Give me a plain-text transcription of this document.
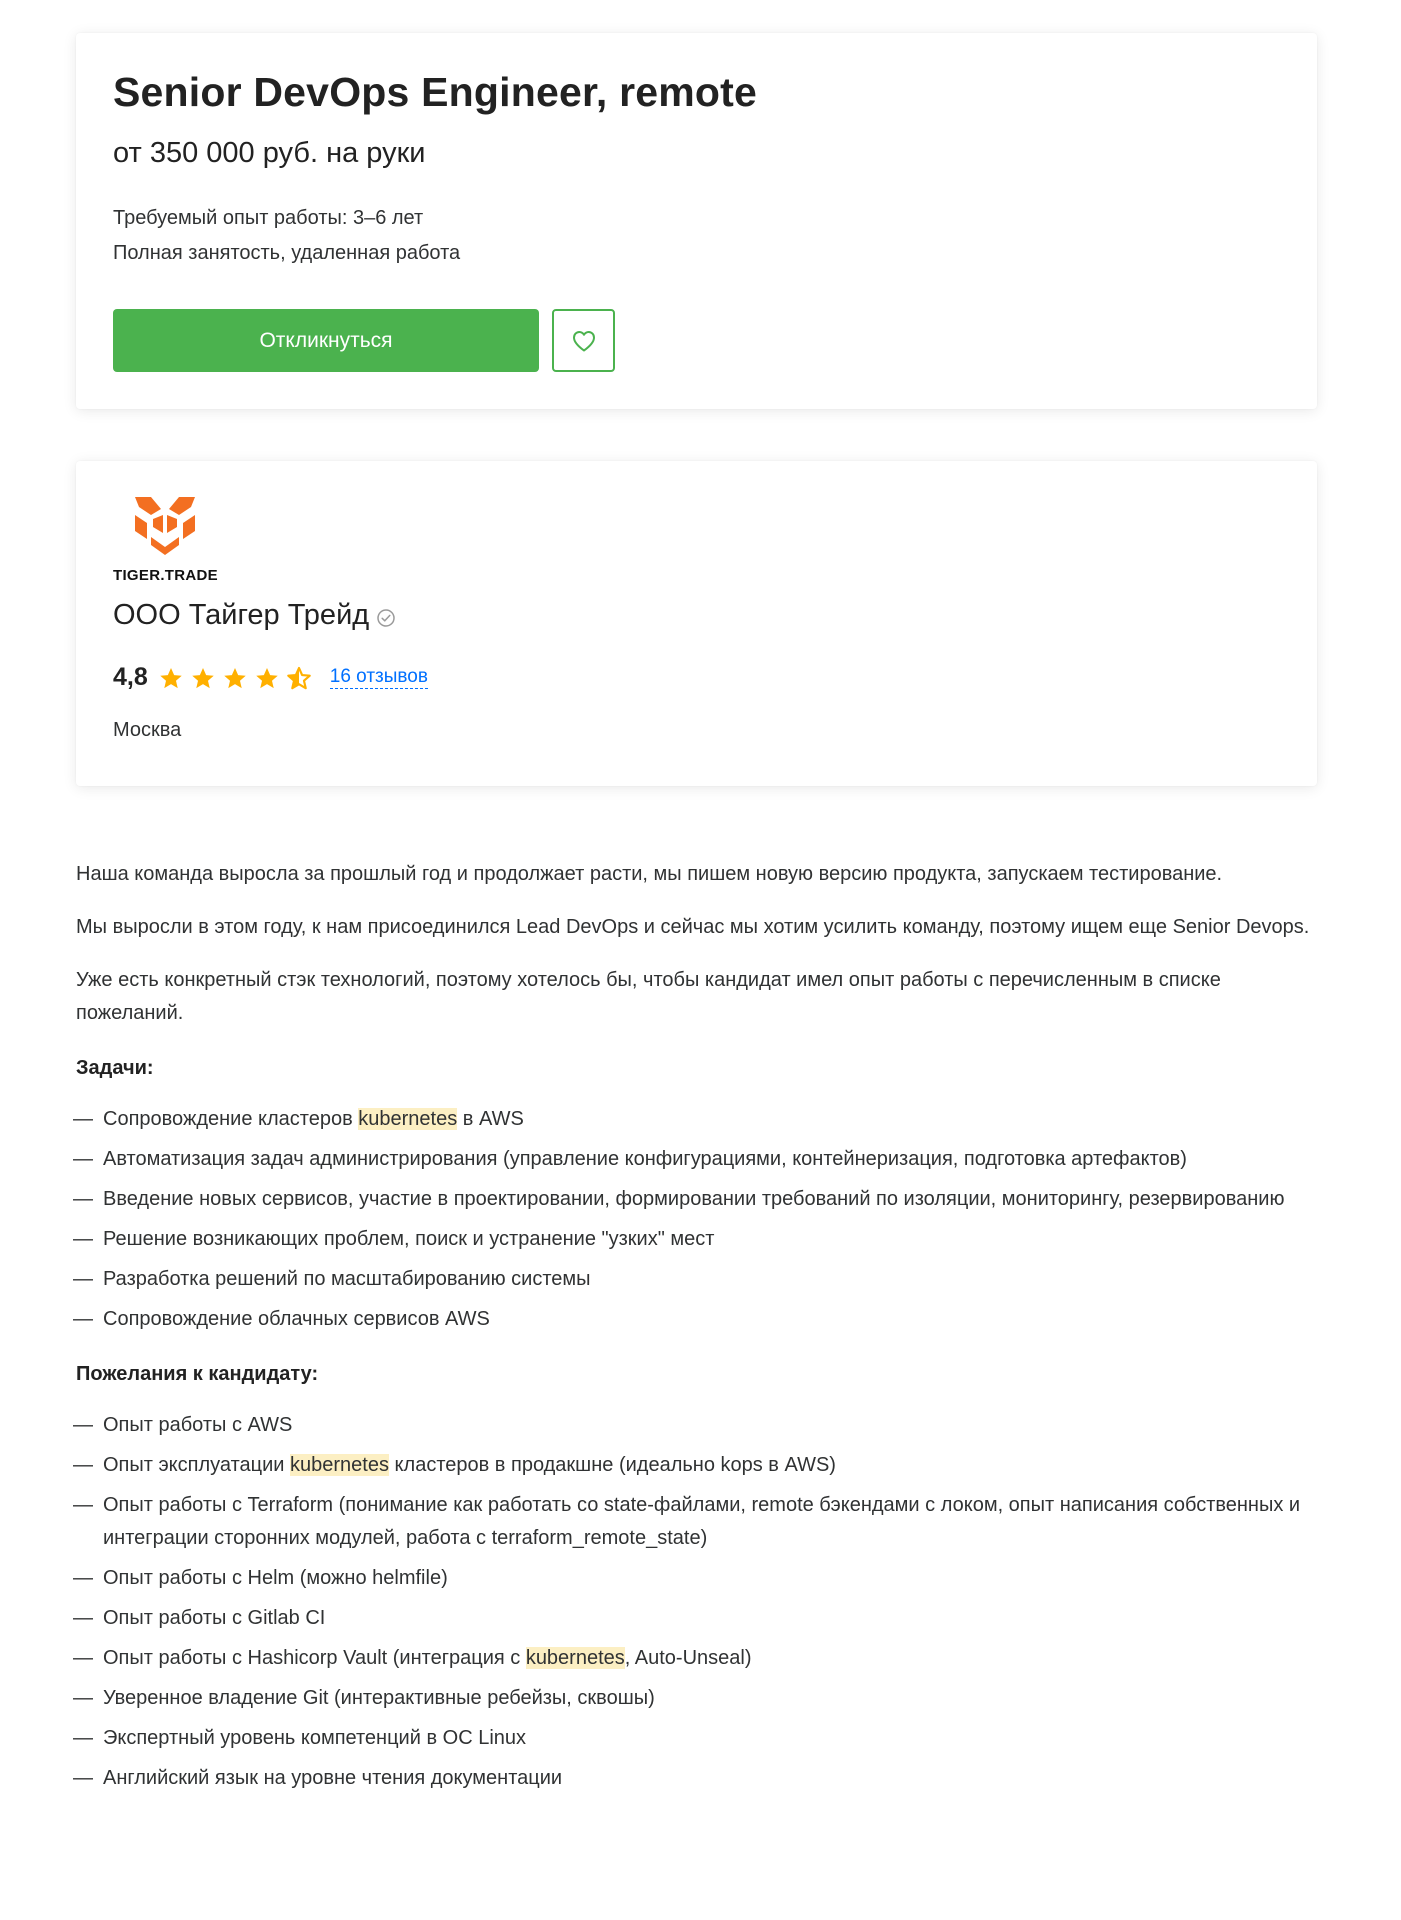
Senior DevOps Engineer, remote
от 350 000 руб. на руки
Требуемый опыт работы: 3–6 лет
Полная занятость, удаленная работа
Откликнуться
TIGER.TRADE
ООО Тайгер Трейд
4,8	16 отзывов
Москва

Наша команда выросла за прошлый год и продолжает расти, мы пишем новую версию продукта, запускаем тестирование.

Мы выросли в этом году, к нам присоединился Lead DevOps и сейчас мы хотим усилить команду, поэтому ищем еще Senior Devops.

Уже есть конкретный стэк технологий, поэтому хотелось бы, чтобы кандидат имел опыт работы с перечисленным в списке пожеланий.

Задачи:
— Сопровождение кластеров kubernetes в AWS
— Автоматизация задач администрирования (управление конфигурациями, контейнеризация, подготовка артефактов)
— Введение новых сервисов, участие в проектировании, формировании требований по изоляции, мониторингу, резервированию
— Решение возникающих проблем, поиск и устранение "узких" мест
— Разработка решений по масштабированию системы
— Сопровождение облачных сервисов AWS
Пожелания к кандидату:
— Опыт работы с AWS
— Опыт эксплуатации kubernetes кластеров в продакшне (идеально kops в AWS)
— Опыт работы с Terraform (понимание как работать со state-файлами, remote бэкендами с локом, опыт написания собственных и интеграции сторонних модулей, работа с terraform_remote_state)
— Опыт работы с Helm (можно helmfile)
— Опыт работы с Gitlab CI
— Опыт работы с Hashicorp Vault (интеграция с kubernetes, Auto-Unseal)
— Уверенное владение Git (интерактивные ребейзы, сквошы)
— Экспертный уровень компетенций в ОС Linux
— Английский язык на уровне чтения документации
